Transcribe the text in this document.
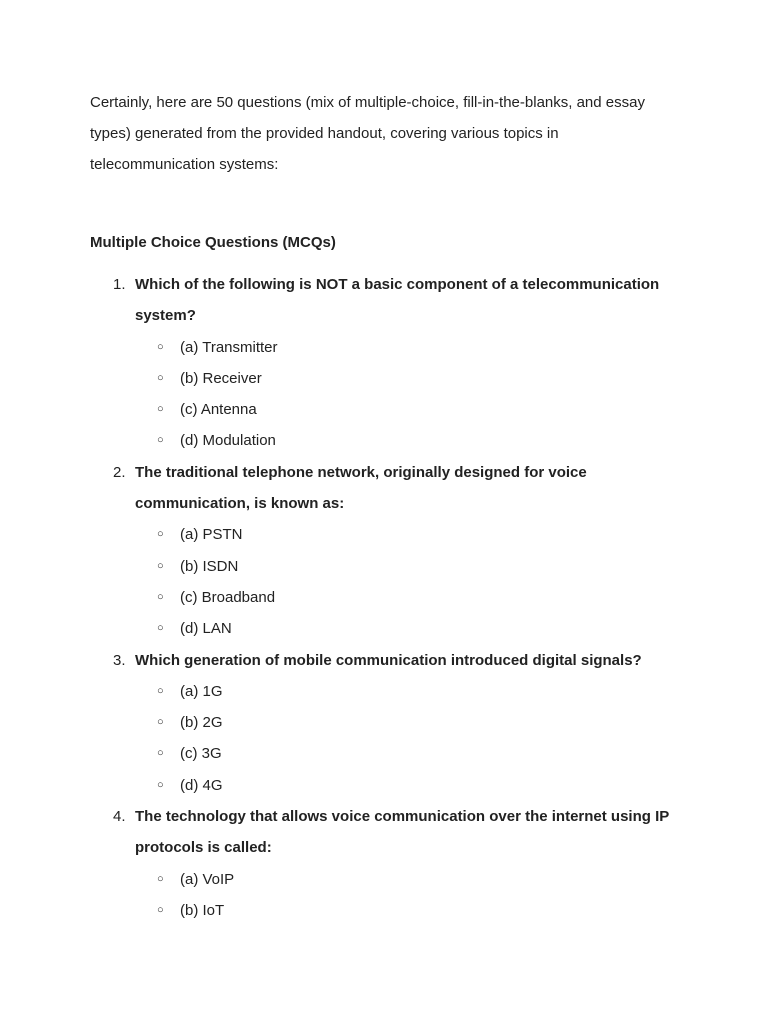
Certainly, here are 50 questions (mix of multiple-choice, fill-in-the-blanks, and essay types) generated from the provided handout, covering various topics in telecommunication systems:

Multiple Choice Questions (MCQs)
1. Which of the following is NOT a basic component of a telecommunication system?
○ (a) Transmitter
○ (b) Receiver
○ (c) Antenna
○ (d) Modulation
2. The traditional telephone network, originally designed for voice communication, is known as:
○ (a) PSTN
○ (b) ISDN
○ (c) Broadband
○ (d) LAN
3. Which generation of mobile communication introduced digital signals?
○ (a) 1G
○ (b) 2G
○ (c) 3G
○ (d) 4G
4. The technology that allows voice communication over the internet using IP protocols is called:
○ (a) VoIP
○ (b) IoT
